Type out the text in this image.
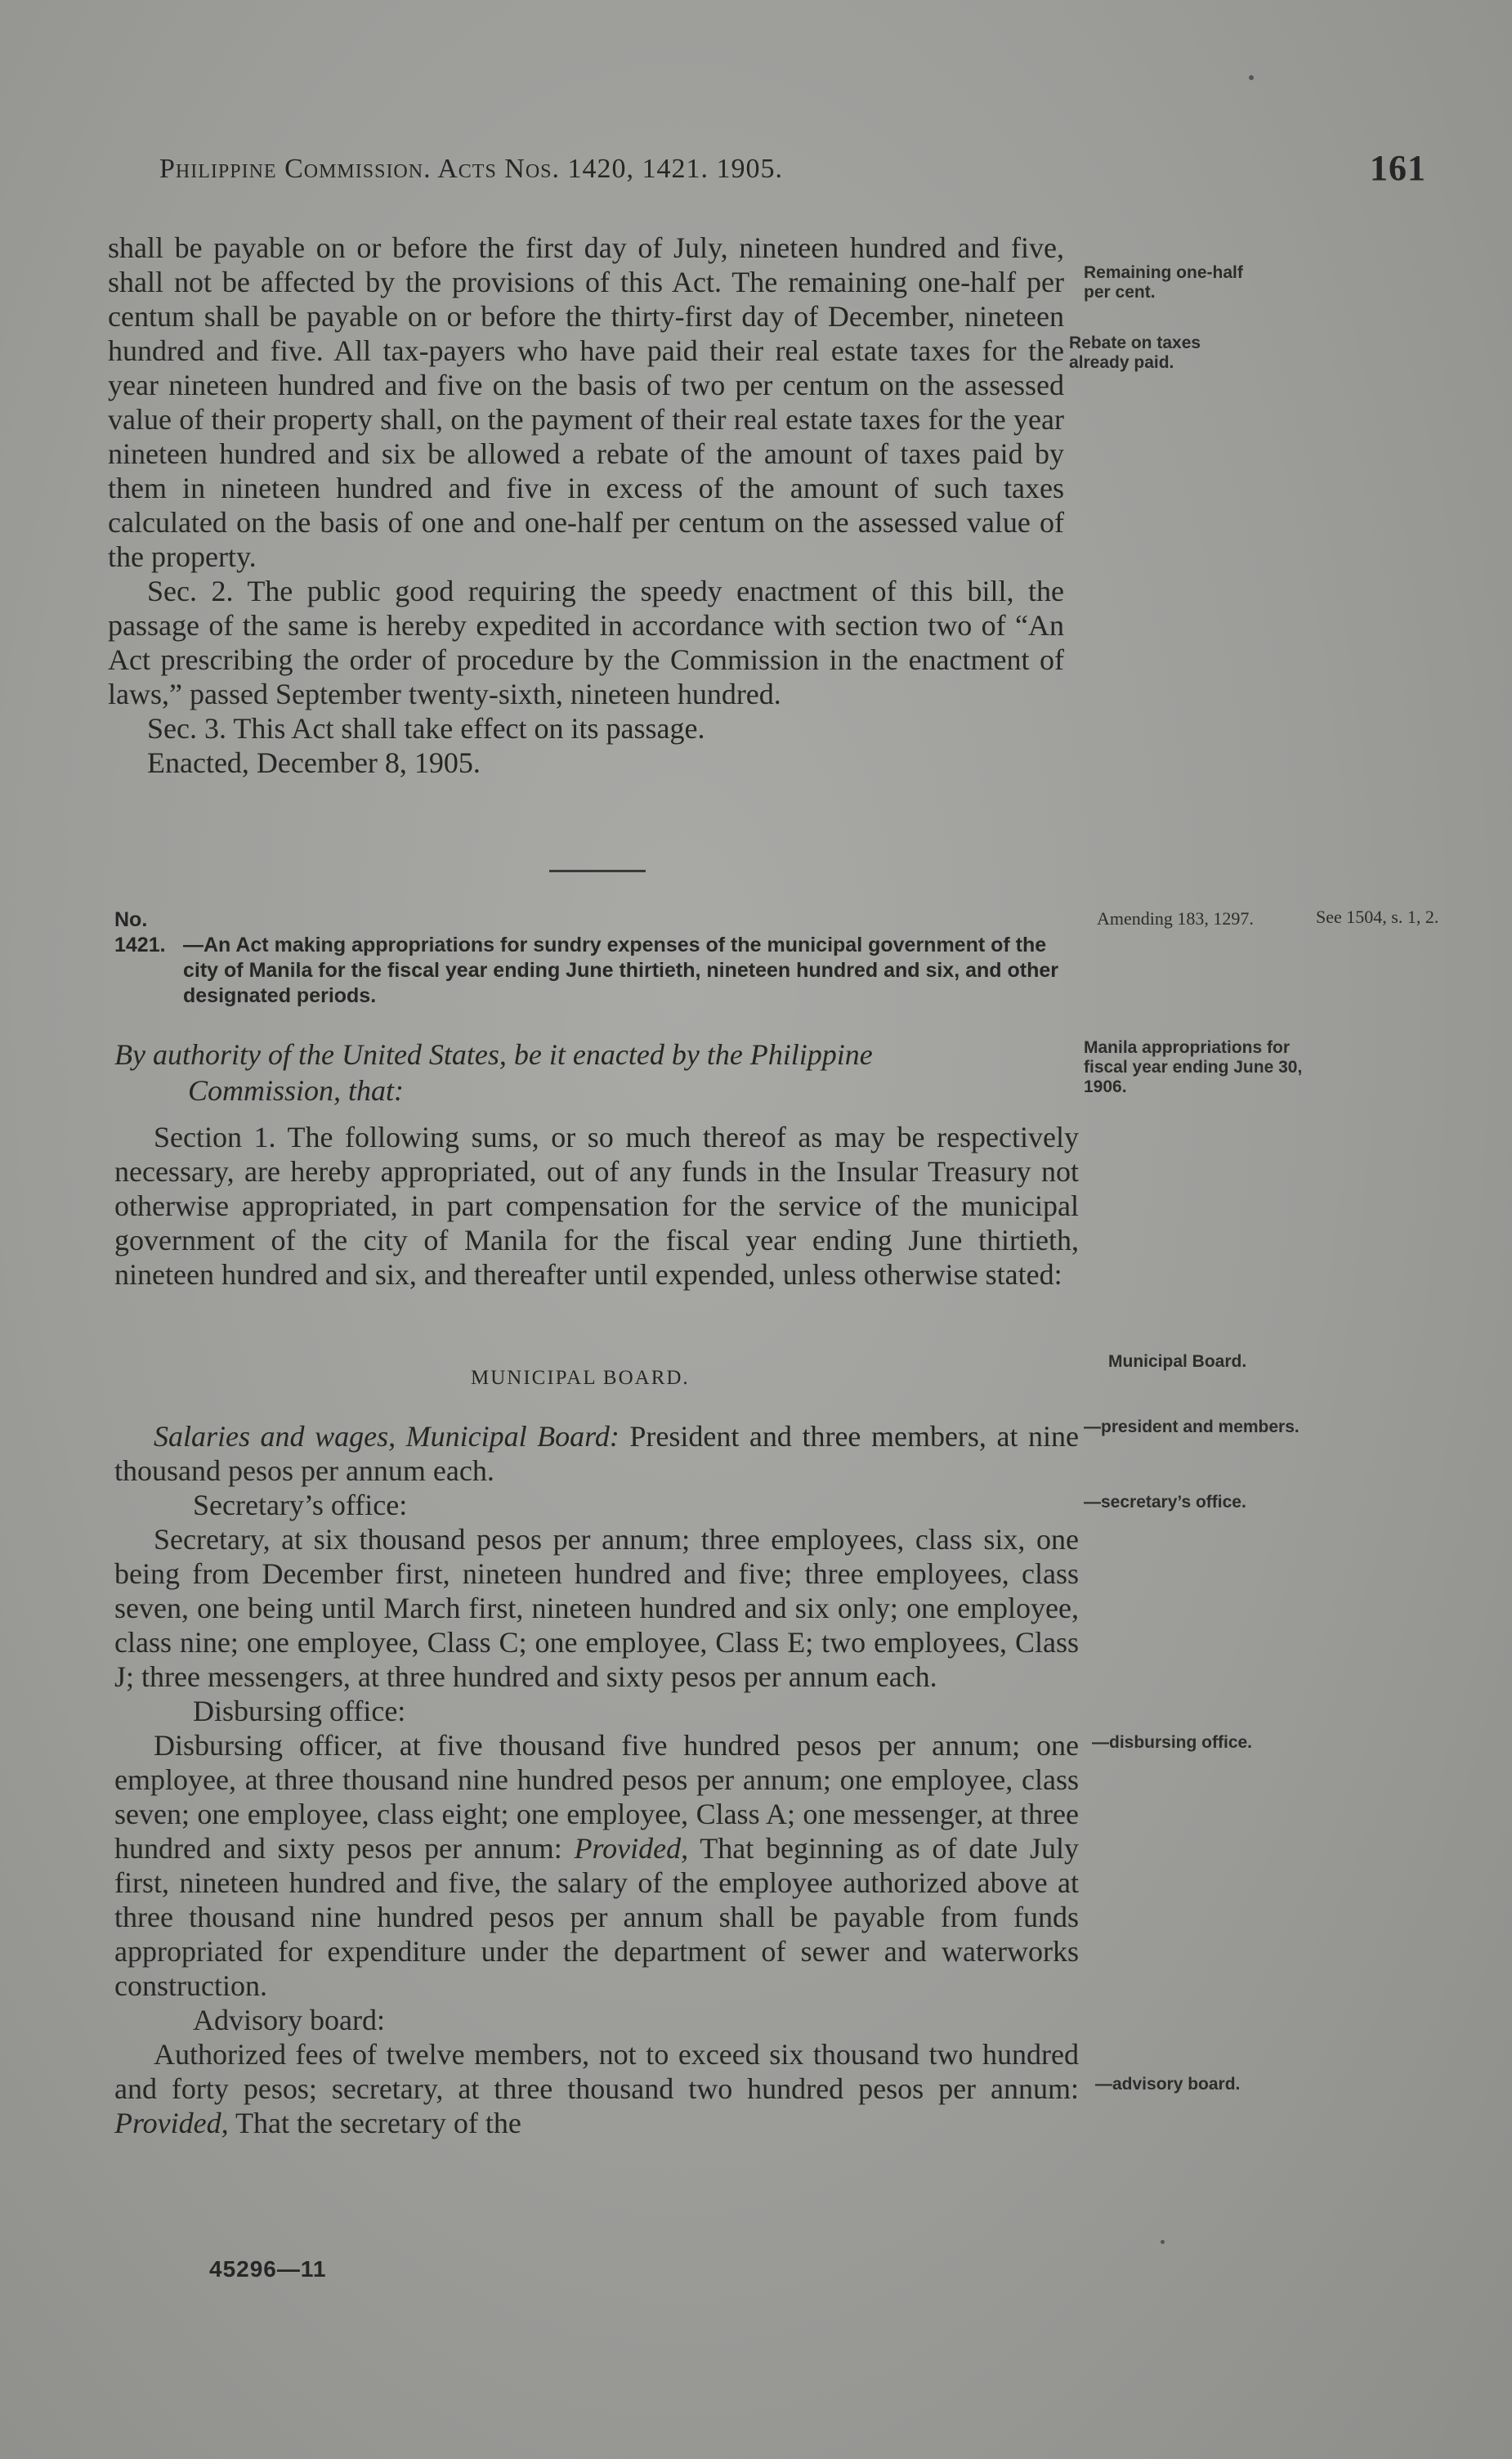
Philippine Commission. Acts Nos. 1420, 1421. 1905.	161

shall be payable on or before the first day of July, nineteen hundred and five, shall not be affected by the provisions of this Act. The remaining one-half per centum shall be payable on or before the thirty-first day of December, nineteen hundred and five. All tax-payers who have paid their real estate taxes for the year nineteen hundred and five on the basis of two per centum on the assessed value of their property shall, on the payment of their real estate taxes for the year nineteen hundred and six be allowed a rebate of the amount of taxes paid by them in nineteen hundred and five in excess of the amount of such taxes calculated on the basis of one and one-half per centum on the assessed value of the property.

Sec. 2. The public good requiring the speedy enactment of this bill, the passage of the same is hereby expedited in accordance with section two of “An Act prescribing the order of procedure by the Commission in the enactment of laws,” passed September twenty-sixth, nineteen hundred.

Sec. 3. This Act shall take effect on its passage.

Enacted, December 8, 1905.

No. 1421. —An Act making appropriations for sundry expenses of the municipal government of the city of Manila for the fiscal year ending June thirtieth, nineteen hundred and six, and other designated periods.
By authority of the United States, be it enacted by the Philippine
Commission, that:

Section 1. The following sums, or so much thereof as may be respectively necessary, are hereby appropriated, out of any funds in the Insular Treasury not otherwise appropriated, in part compensation for the service of the municipal government of the city of Manila for the fiscal year ending June thirtieth, nineteen hundred and six, and thereafter until expended, unless otherwise stated:

MUNICIPAL BOARD.

Salaries and wages, Municipal Board: President and three members, at nine thousand pesos per annum each.

Secretary’s office:

Secretary, at six thousand pesos per annum; three employees, class six, one being from December first, nineteen hundred and five; three employees, class seven, one being until March first, nineteen hundred and six only; one employee, class nine; one employee, Class C; one employee, Class E; two employees, Class J; three messengers, at three hundred and sixty pesos per annum each.

Disbursing office:

Disbursing officer, at five thousand five hundred pesos per annum; one employee, at three thousand nine hundred pesos per annum; one employee, class seven; one employee, class eight; one employee, Class A; one messenger, at three hundred and sixty pesos per annum: Provided, That beginning as of date July first, nineteen hundred and five, the salary of the employee authorized above at three thousand nine hundred pesos per annum shall be payable from funds appropriated for expenditure under the department of sewer and waterworks construction.

Advisory board:

Authorized fees of twelve members, not to exceed six thousand two hundred and forty pesos; secretary, at three thousand two hundred pesos per annum: Provided, That the secretary of the

Remaining one-half per cent.
Rebate on taxes already paid.
Amending 183, 1297.	See 1504, s. 1, 2.
Manila appropriations for fiscal year ending June 30, 1906.
Municipal Board.
—president and members.
—secretary’s office.
—disbursing office.
—advisory board.
45296—11
